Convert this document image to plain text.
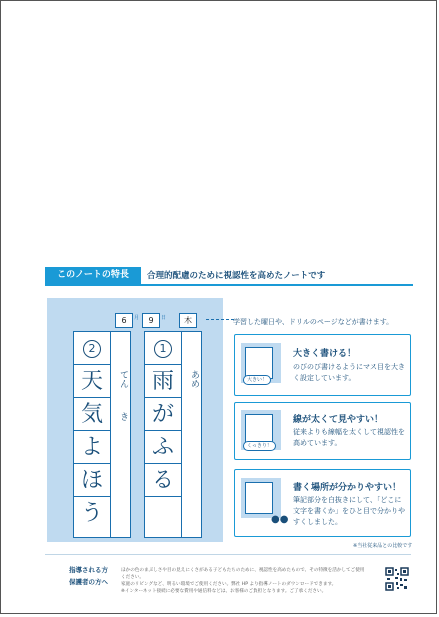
このノートの特長	合理的配慮のために視認性を高めたノートです
6	月	9	日	木
2
天
気
よ
ほ
う
てん
き
1
雨
が
ふ
る
あめ
学習した曜日や、ドリルのページなどが書けます。
大きい！
大きく書ける！
のびのび書けるようにマス目を大きく設定しています。
くっきり！
線が太くて見やすい！
従来よりも線幅を太くして視認性を高めています。
●●
書く場所が分かりやすい！
筆記部分を白抜きにして、「どこに文字を書くか」をひと目で分かりやすくしました。
※当社従来品との比較です
指導される方
保護者の方へ
ほかの色のまぶしさや目の見えにくさがある子どもたちのために、視認性を高めたもので、その特徴を活かしてご使用ください。
家庭のリビングなど、明るい環境でご使用ください。弊社 HP より指導ノートのダウンロードできます。
※インターネット接続に必要な費用や通信料などは、お客様のご負担となります。ご了承ください。
